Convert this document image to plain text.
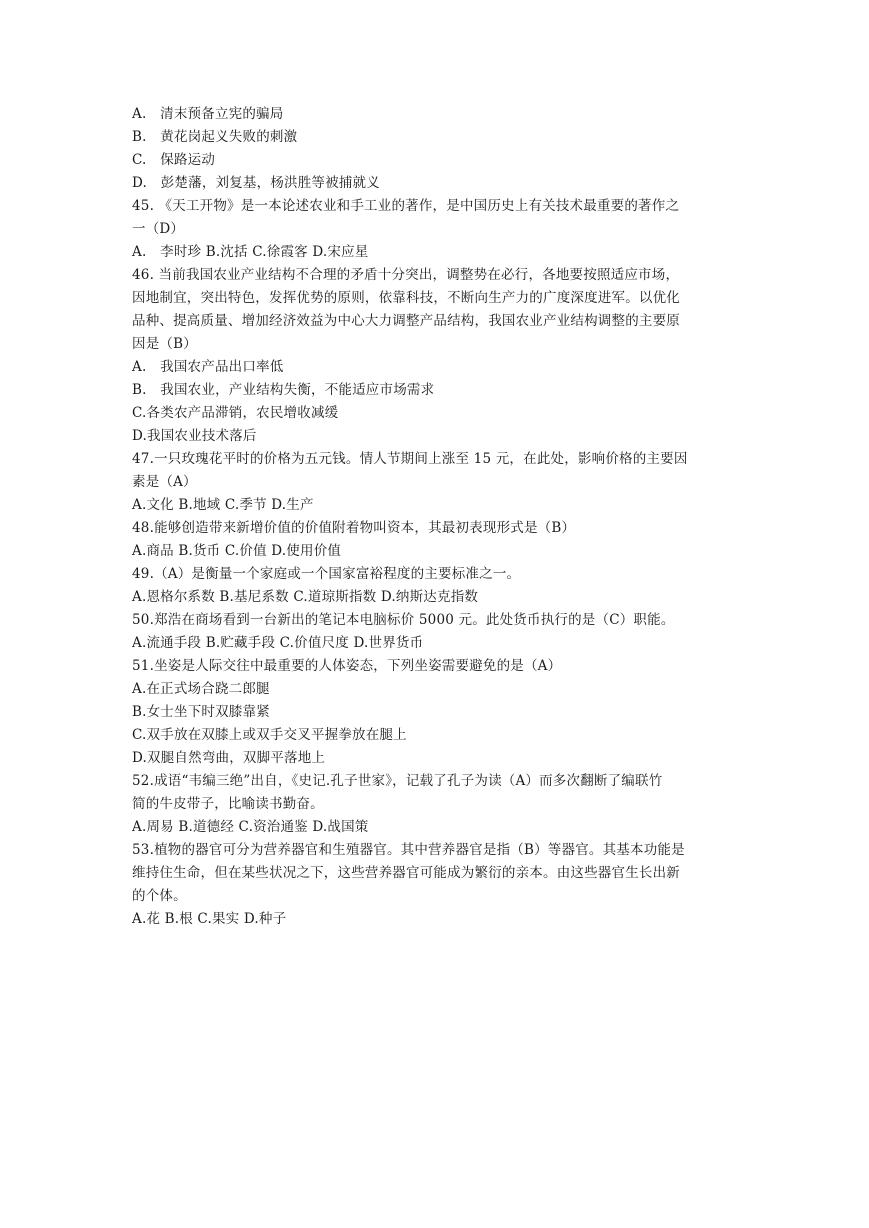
A.　清末预备立宪的骗局
B.　黄花岗起义失败的刺激
C.　保路运动
D.　彭楚藩，刘复基，杨洪胜等被捕就义
45. 《天工开物》是一本论述农业和手工业的著作，是中国历史上有关技术最重要的著作之
一（D）
A.　李时珍 B.沈括 C.徐霞客 D.宋应星
46. 当前我国农业产业结构不合理的矛盾十分突出，调整势在必行，各地要按照适应市场，
因地制宜，突出特色，发挥优势的原则，依靠科技，不断向生产力的广度深度进军。以优化
品种、提高质量、增加经济效益为中心大力调整产品结构，我国农业产业结构调整的主要原
因是（B）
A.　我国农产品出口率低
B.　我国农业，产业结构失衡，不能适应市场需求
C.各类农产品滞销，农民增收减缓
D.我国农业技术落后
47.一只玫瑰花平时的价格为五元钱。情人节期间上涨至 15 元，在此处，影响价格的主要因
素是（A）
A.文化 B.地域 C.季节 D.生产
48.能够创造带来新增价值的价值附着物叫资本，其最初表现形式是（B）
A.商品 B.货币 C.价值 D.使用价值
49.（A）是衡量一个家庭或一个国家富裕程度的主要标准之一。
A.恩格尔系数 B.基尼系数 C.道琼斯指数 D.纳斯达克指数
50.郑浩在商场看到一台新出的笔记本电脑标价 5000 元。此处货币执行的是（C）职能。
A.流通手段 B.贮藏手段 C.价值尺度 D.世界货币
51.坐姿是人际交往中最重要的人体姿态，下列坐姿需要避免的是（A）
A.在正式场合跷二郎腿
B.女士坐下时双膝靠紧
C.双手放在双膝上或双手交叉平握拳放在腿上
D.双腿自然弯曲，双脚平落地上
52.成语“韦编三绝”出自，《史记.孔子世家》，记载了孔子为读（A）而多次翻断了编联竹
简的牛皮带子，比喻读书勤奋。
A.周易 B.道德经 C.资治通鉴 D.战国策
53.植物的器官可分为营养器官和生殖器官。其中营养器官是指（B）等器官。其基本功能是
维持住生命，但在某些状况之下，这些营养器官可能成为繁衍的亲本。由这些器官生长出新
的个体。
A.花 B.根 C.果实 D.种子
